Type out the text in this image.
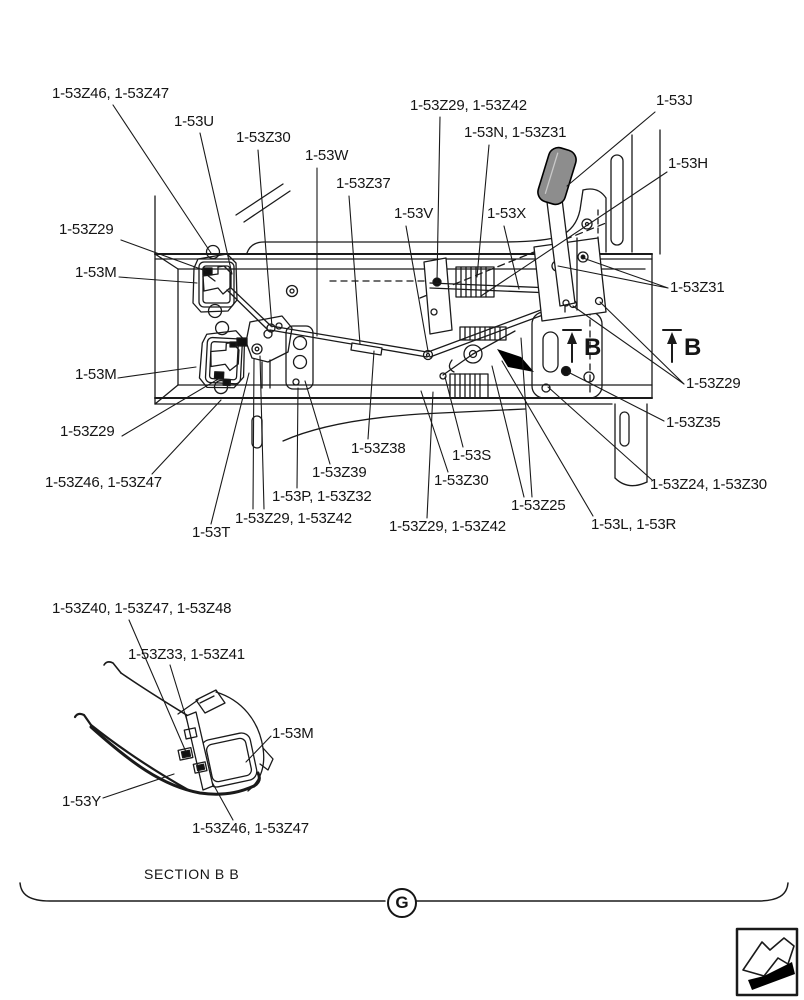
1-53Z46, 1-53Z47
1-53U
1-53Z30
1-53W
1-53Z37
1-53V
1-53Z29, 1-53Z42
1-53N, 1-53Z31
1-53J
1-53H
1-53X
1-53Z29
1-53M
1-53Z31
1-53M
1-53Z29
1-53Z46, 1-53Z47
1-53Z29
1-53Z35
1-53Z38	1-53S
1-53Z39	1-53Z30	1-53Z24, 1-53Z30
1-53P, 1-53Z32
1-53Z25
1-53Z29, 1-53Z42	1-53L, 1-53R
1-53T	1-53Z29, 1-53Z42
1-53Z40, 1-53Z47, 1-53Z48
1-53Z33, 1-53Z41
1-53M
1-53Y
1-53Z46, 1-53Z47
B	B
SECTION B B
G
